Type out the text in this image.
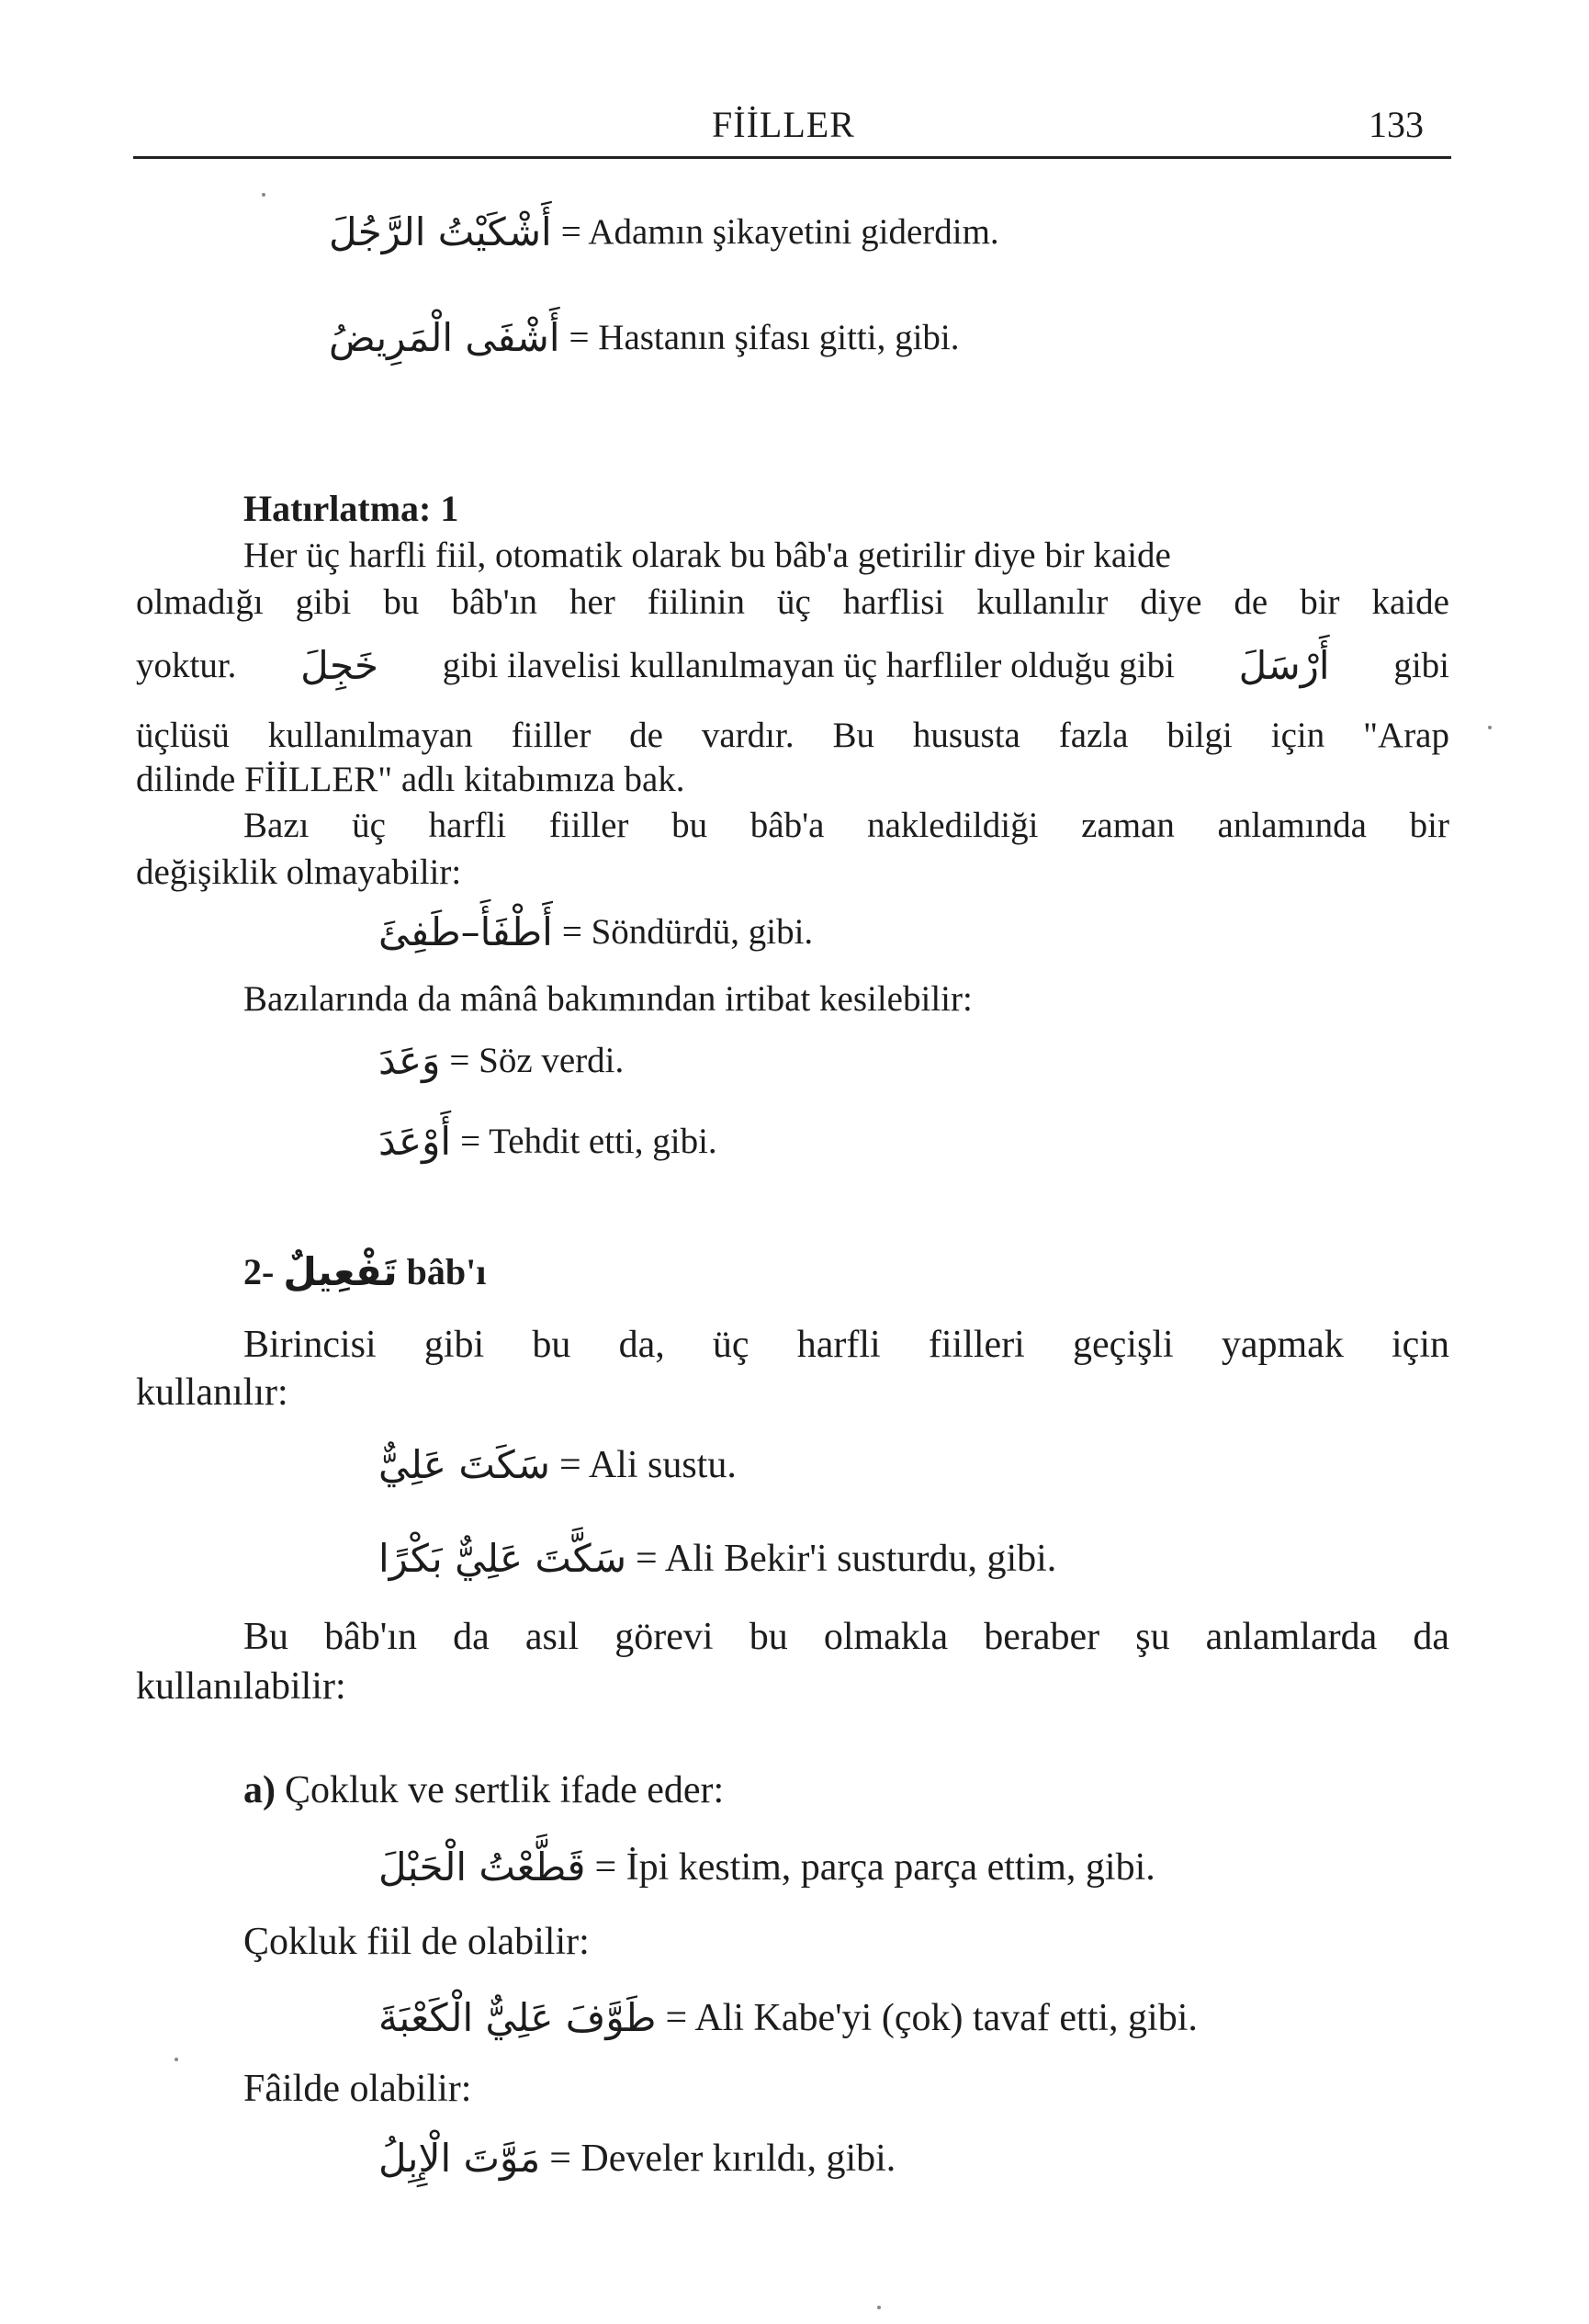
FİİLLER	133
أَشْكَيْتُ الرَّجُلَ = Adamın şikayetini giderdim.
أَشْفَى الْمَرِيضُ = Hastanın şifası gitti, gibi.
Hatırlatma: 1
Her üç harfli fiil, otomatik olarak bu bâb'a getirilir diye bir kaide
olmadığı gibi bu bâb'ın her fiilinin üç harflisi kullanılır diye de bir kaide
yoktur. خَجِلَ gibi ilavelisi kullanılmayan üç harfliler olduğu gibi أَرْسَلَ gibi
üçlüsü kullanılmayan fiiller de vardır. Bu hususta fazla bilgi için "Arap
dilinde FİİLLER" adlı kitabımıza bak.
Bazı üç harfli fiiller bu bâb'a nakledildiği zaman anlamında bir
değişiklik olmayabilir:
أَطْفَأَ–طَفِئَ = Söndürdü, gibi.
Bazılarında da mânâ bakımından irtibat kesilebilir:
وَعَدَ = Söz verdi.
أَوْعَدَ = Tehdit etti, gibi.
2- تَفْعِيلٌ bâb'ı
Birincisi gibi bu da, üç harfli fiilleri geçişli yapmak için
kullanılır:
سَكَتَ عَلِيٌّ = Ali sustu.
سَكَّتَ عَلِيٌّ بَكْرًا = Ali Bekir'i susturdu, gibi.
Bu bâb'ın da asıl görevi bu olmakla beraber şu anlamlarda da
kullanılabilir:
a) Çokluk ve sertlik ifade eder:
قَطَّعْتُ الْحَبْلَ = İpi kestim, parça parça ettim, gibi.
Çokluk fiil de olabilir:
طَوَّفَ عَلِيٌّ الْكَعْبَةَ = Ali Kabe'yi (çok) tavaf etti, gibi.
Fâilde olabilir:
مَوَّتَ الْإِبِلُ = Develer kırıldı, gibi.
